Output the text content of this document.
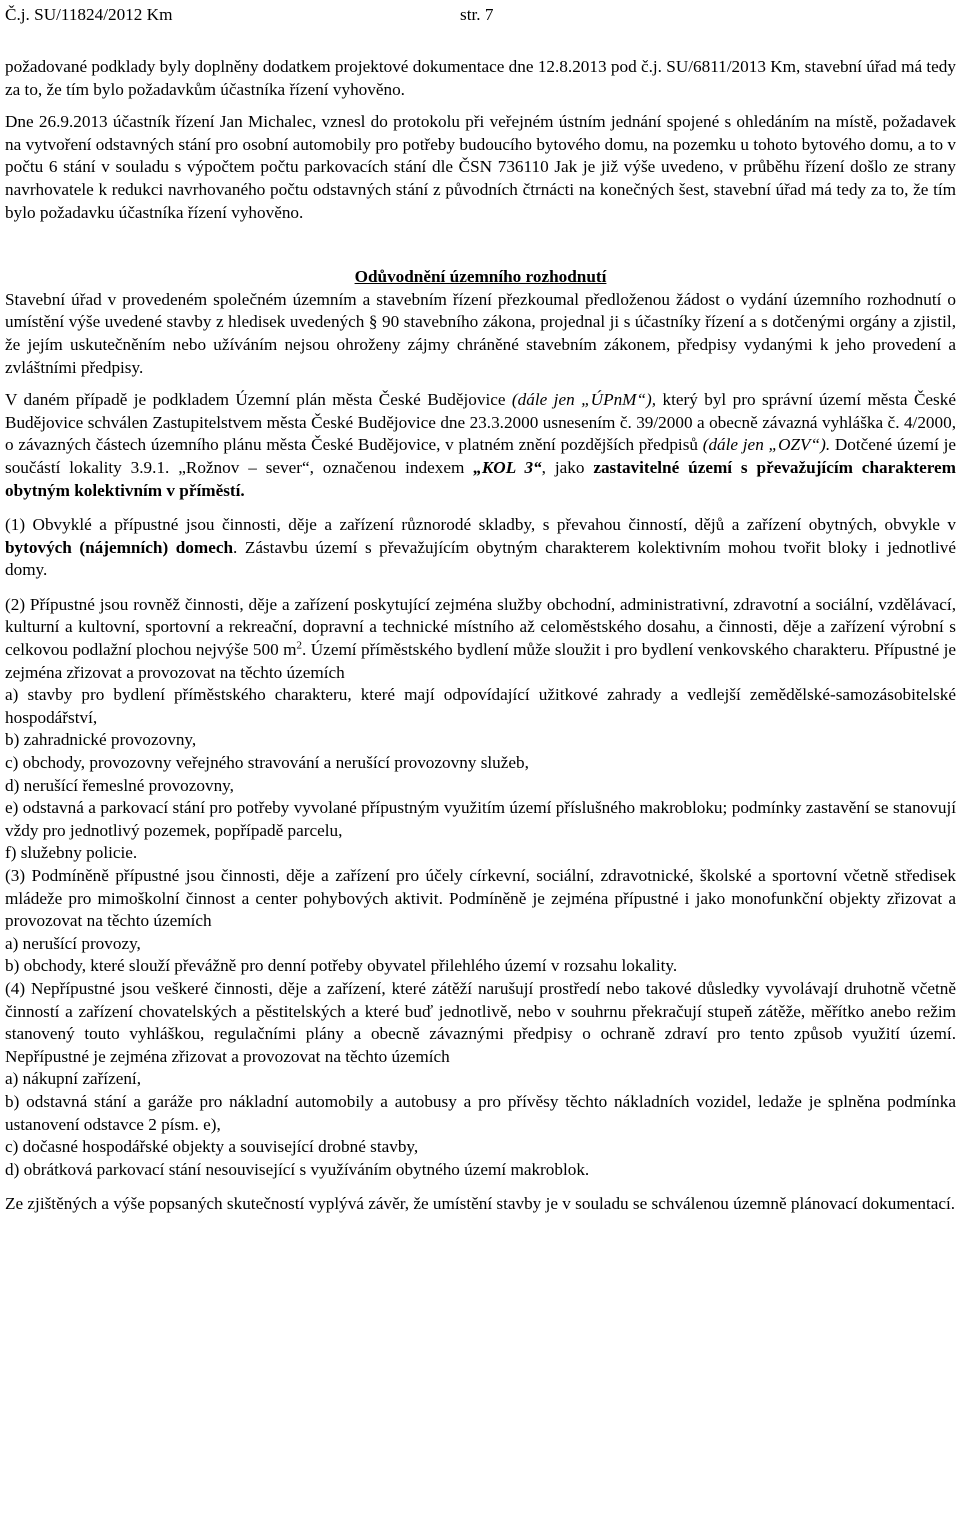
Č.j. SU/11824/2012 Km	str. 7

požadované podklady byly doplněny dodatkem projektové dokumentace dne 12.8.2013 pod č.j. SU/6811/2013 Km, stavební úřad má tedy za to, že tím bylo požadavkům účastníka řízení vyhověno.

Dne 26.9.2013 účastník řízení Jan Michalec, vznesl do protokolu při veřejném ústním jednání spojené s ohledáním na místě, požadavek na vytvoření odstavných stání pro osobní automobily pro potřeby budoucího bytového domu, na pozemku u tohoto bytového domu, a to v počtu 6 stání v souladu s výpočtem počtu parkovacích stání dle ČSN 736110 Jak je již výše uvedeno, v průběhu řízení došlo ze strany navrhovatele k redukci navrhovaného počtu odstavných stání z původních čtrnácti na konečných šest, stavební úřad má tedy za to, že tím bylo požadavku účastníka řízení vyhověno.

Odůvodnění územního rozhodnutí

Stavební úřad v provedeném společném územním a stavebním řízení přezkoumal předloženou žádost o vydání územního rozhodnutí o umístění výše uvedené stavby z hledisek uvedených § 90 stavebního zákona, projednal ji s účastníky řízení a s dotčenými orgány a zjistil, že jejím uskutečněním nebo užíváním nejsou ohroženy zájmy chráněné stavebním zákonem, předpisy vydanými k jeho provedení a zvláštními předpisy.

V daném případě je podkladem Územní plán města České Budějovice (dále jen „ÚPnM“), který byl pro správní území města České Budějovice schválen Zastupitelstvem města České Budějovice dne 23.3.2000 usnesením č. 39/2000 a obecně závazná vyhláška č. 4/2000, o závazných částech územního plánu města České Budějovice, v platném znění pozdějších předpisů (dále jen „OZV“). Dotčené území je součástí lokality 3.9.1. „Rožnov – sever“, označenou indexem „KOL 3“, jako zastavitelné území s převažujícím charakterem obytným kolektivním v příměstí.

(1) Obvyklé a přípustné jsou činnosti, děje a zařízení různorodé skladby, s převahou činností, dějů a zařízení obytných, obvykle v bytových (nájemních) domech. Zástavbu území s převažujícím obytným charakterem kolektivním mohou tvořit bloky i jednotlivé domy.

(2) Přípustné jsou rovněž činnosti, děje a zařízení poskytující zejména služby obchodní, administrativní, zdravotní a sociální, vzdělávací, kulturní a kultovní, sportovní a rekreační, dopravní a technické místního až celoměstského dosahu, a činnosti, děje a zařízení výrobní s celkovou podlažní plochou nejvýše 500 $m^2$. Území příměstského bydlení může sloužit i pro bydlení venkovského charakteru. Přípustné je zejména zřizovat a provozovat na těchto územích

a) stavby pro bydlení příměstského charakteru, které mají odpovídající užitkové zahrady a vedlejší zemědělské-samozásobitelské hospodářství,

b) zahradnické provozovny,

c) obchody, provozovny veřejného stravování a nerušící provozovny služeb,

d) nerušící řemeslné provozovny,

e) odstavná a parkovací stání pro potřeby vyvolané přípustným využitím území příslušného makrobloku; podmínky zastavění se stanovují vždy pro jednotlivý pozemek, popřípadě parcelu,

f) služebny policie.

(3) Podmíněně přípustné jsou činnosti, děje a zařízení pro účely církevní, sociální, zdravotnické, školské a sportovní včetně středisek mládeže pro mimoškolní činnost a center pohybových aktivit. Podmíněně je zejména přípustné i jako monofunkční objekty zřizovat a provozovat na těchto územích

a) nerušící provozy,

b) obchody, které slouží převážně pro denní potřeby obyvatel přilehlého území v rozsahu lokality.

(4) Nepřípustné jsou veškeré činnosti, děje a zařízení, které zátěží narušují prostředí nebo takové důsledky vyvolávají druhotně včetně činností a zařízení chovatelských a pěstitelských a které buď jednotlivě, nebo v souhrnu překračují stupeň zátěže, měřítko anebo režim stanovený touto vyhláškou, regulačními plány a obecně závaznými předpisy o ochraně zdraví pro tento způsob využití území. Nepřípustné je zejména zřizovat a provozovat na těchto územích

a) nákupní zařízení,

b) odstavná stání a garáže pro nákladní automobily a autobusy a pro přívěsy těchto nákladních vozidel, ledaže je splněna podmínka ustanovení odstavce 2 písm. e),

c) dočasné hospodářské objekty a související drobné stavby,

d) obrátková parkovací stání nesouvisející s využíváním obytného území makroblok.

Ze zjištěných a výše popsaných skutečností vyplývá závěr, že umístění stavby je v souladu se schválenou územně plánovací dokumentací.
